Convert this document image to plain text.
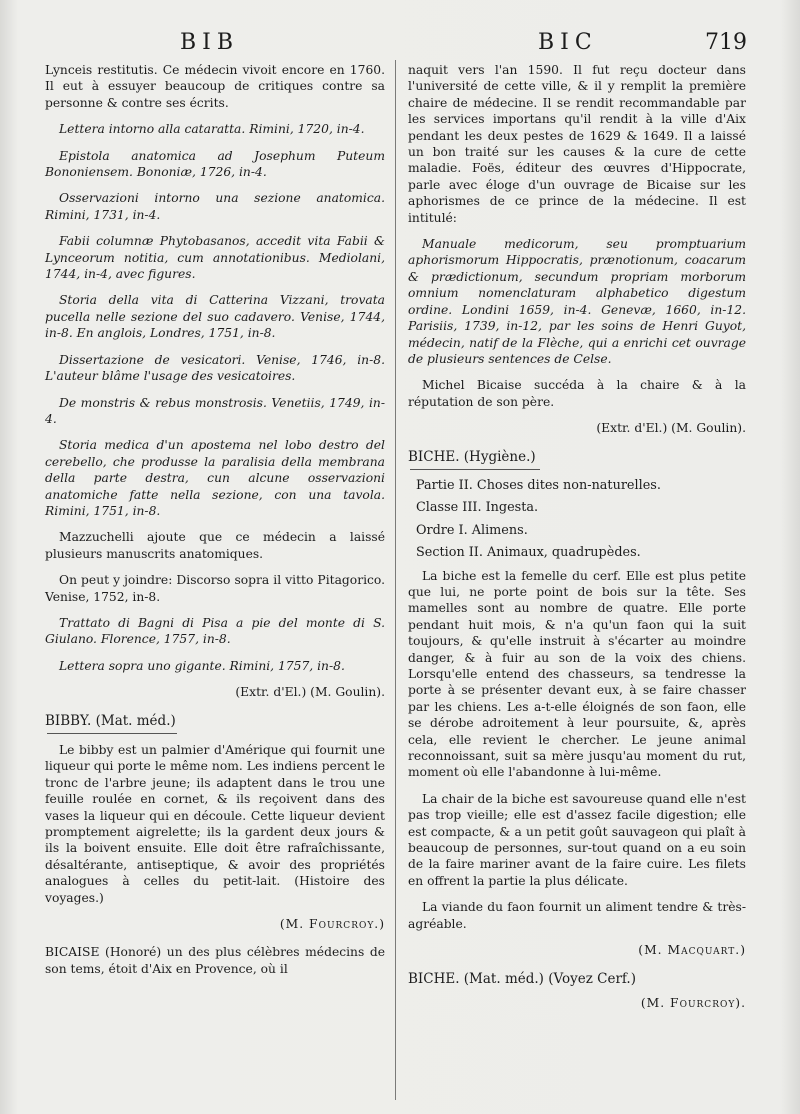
BIB	BIC	719

Lynceis restitutis. Ce médecin vivoit encore en 1760. Il eut à essuyer beaucoup de critiques contre sa personne & contre ses écrits.

Lettera intorno alla cataratta. Rimini, 1720, in-4.

Epistola anatomica ad Josephum Puteum Bononiensem. Bononiæ, 1726, in-4.

Osservazioni intorno una sezione anatomica. Rimini, 1731, in-4.

Fabii columnæ Phytobasanos, accedit vita Fabii & Lynceorum notitia, cum annotationibus. Mediolani, 1744, in-4, avec figures.

Storia della vita di Catterina Vizzani, trovata pucella nelle sezione del suo cadavero. Venise, 1744, in-8. En anglois, Londres, 1751, in-8.

Dissertazione de vesicatori. Venise, 1746, in-8. L'auteur blâme l'usage des vesicatoires.

De monstris & rebus monstrosis. Venetiis, 1749, in-4.

Storia medica d'un apostema nel lobo destro del cerebello, che produsse la paralisia della membrana della parte destra, cun alcune osservazioni anatomiche fatte nella sezione, con una tavola. Rimini, 1751, in-8.

Mazzuchelli ajoute que ce médecin a laissé plusieurs manuscrits anatomiques.

On peut y joindre: Discorso sopra il vitto Pitagorico. Venise, 1752, in-8.

Trattato di Bagni di Pisa a pie del monte di S. Giulano. Florence, 1757, in-8.

Lettera sopra uno gigante. Rimini, 1757, in-8.

(Extr. d'El.) (M. Goulin).

BIBBY. (Mat. méd.)

Le bibby est un palmier d'Amérique qui fournit une liqueur qui porte le même nom. Les indiens percent le tronc de l'arbre jeune; ils adaptent dans le trou une feuille roulée en cornet, & ils reçoivent dans des vases la liqueur qui en découle. Cette liqueur devient promptement aigrelette; ils la gardent deux jours & ils la boivent ensuite. Elle doit être rafraîchissante, désaltérante, antiseptique, & avoir des propriétés analogues à celles du petit-lait. (Histoire des voyages.)

(M. Fourcroy.)

BICAISE (Honoré) un des plus célèbres médecins de son tems, étoit d'Aix en Provence, où il

naquit vers l'an 1590. Il fut reçu docteur dans l'université de cette ville, & il y remplit la première chaire de médecine. Il se rendit recommandable par les services importans qu'il rendit à la ville d'Aix pendant les deux pestes de 1629 & 1649. Il a laissé un bon traité sur les causes & la cure de cette maladie. Foës, éditeur des œuvres d'Hippocrate, parle avec éloge d'un ouvrage de Bicaise sur les aphorismes de ce prince de la médecine. Il est intitulé:

Manuale medicorum, seu promptuarium aphorismorum Hippocratis, prænotionum, coacarum & prædictionum, secundum propriam morborum omnium nomenclaturam alphabetico digestum ordine. Londini 1659, in-4. Genevæ, 1660, in-12. Parisiis, 1739, in-12, par les soins de Henri Guyot, médecin, natif de la Flèche, qui a enrichi cet ouvrage de plusieurs sentences de Celse.

Michel Bicaise succéda à la chaire & à la réputation de son père.

(Extr. d'El.) (M. Goulin).

BICHE. (Hygiène.)
Partie II. Choses dites non-naturelles.
Classe III. Ingesta.
Ordre I. Alimens.
Section II. Animaux, quadrupèdes.

La biche est la femelle du cerf. Elle est plus petite que lui, ne porte point de bois sur la tête. Ses mamelles sont au nombre de quatre. Elle porte pendant huit mois, & n'a qu'un faon qui la suit toujours, & qu'elle instruit à s'écarter au moindre danger, & à fuir au son de la voix des chiens. Lorsqu'elle entend des chasseurs, sa tendresse la porte à se présenter devant eux, à se faire chasser par les chiens. Les a-t-elle éloignés de son faon, elle se dérobe adroitement à leur poursuite, &, après cela, elle revient le chercher. Le jeune animal reconnoissant, suit sa mère jusqu'au moment du rut, moment où elle l'abandonne à lui-même.

La chair de la biche est savoureuse quand elle n'est pas trop vieille; elle est d'assez facile digestion; elle est compacte, & a un petit goût sauvageon qui plaît à beaucoup de personnes, sur-tout quand on a eu soin de la faire mariner avant de la faire cuire. Les filets en offrent la partie la plus délicate.

La viande du faon fournit un aliment tendre & très-agréable.

(M. Macquart.)

BICHE. (Mat. méd.) (Voyez Cerf.)

(M. Fourcroy).
